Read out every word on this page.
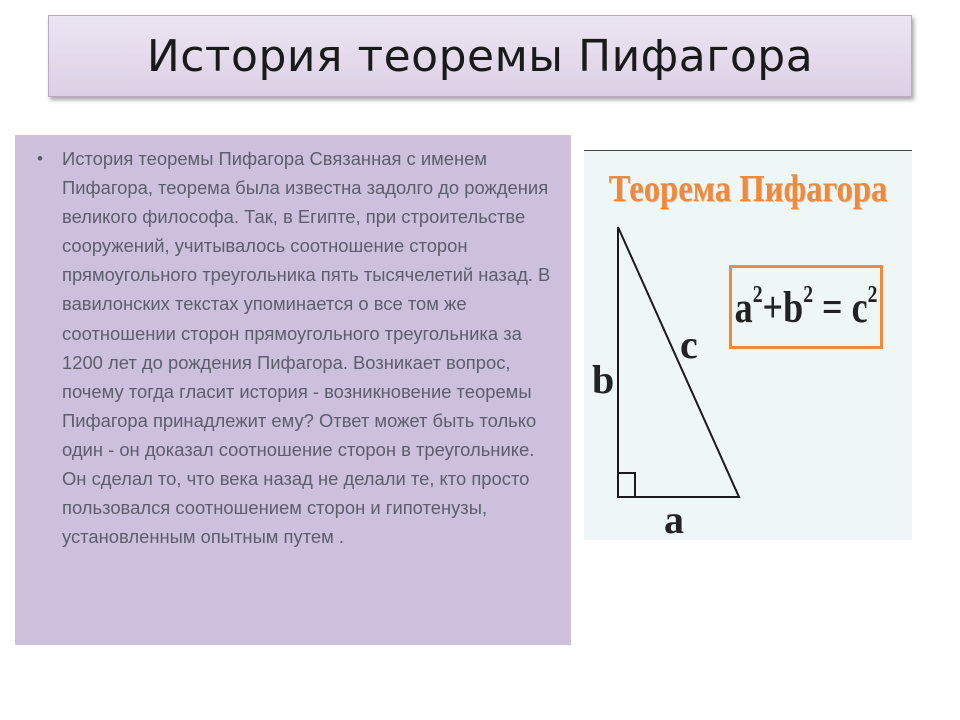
История теоремы Пифагора
• История теоремы Пифагора Связанная с именем Пифагора, теорема была известна задолго до рождения великого философа. Так, в Египте, при строительстве сооружений, учитывалось соотношение сторон прямоугольного треугольника пять тысячелетий назад. В вавилонских текстах упоминается о все том же соотношении сторон прямоугольного треугольника за 1200 лет до рождения Пифагора. Возникает вопрос, почему тогда гласит история - возникновение теоремы Пифагора принадлежит ему? Ответ может быть только один - он доказал соотношение сторон в треугольнике. Он сделал то, что века назад не делали те, кто просто пользовался соотношением сторон и гипотенузы, установленным опытным путем .

Теорема Пифагора
$a^2+b^2 = c^2$
b
c
a
